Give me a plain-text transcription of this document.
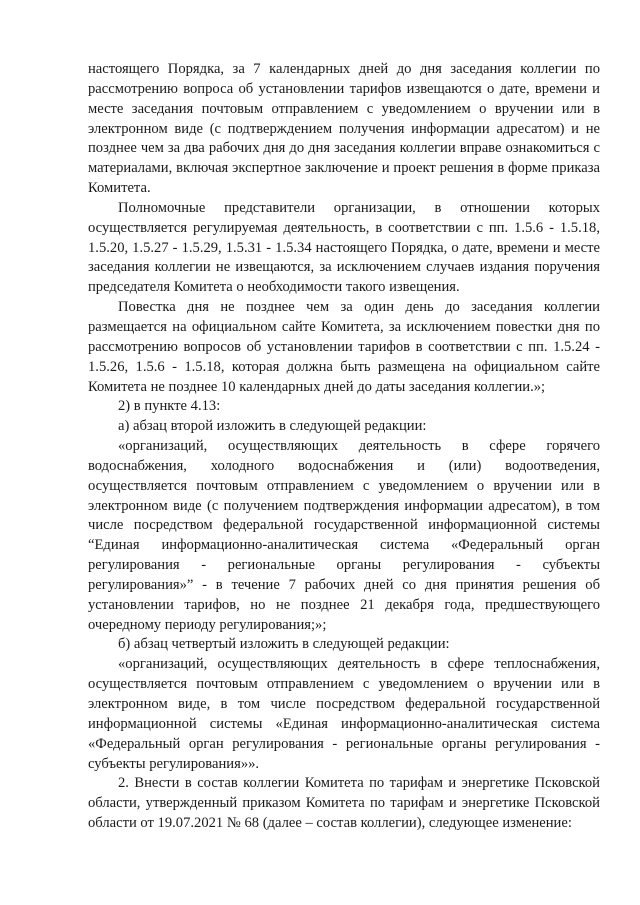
настоящего Порядка, за 7 календарных дней до дня заседания коллегии по рассмотрению вопроса об установлении тарифов извещаются о дате, времени и месте заседания почтовым отправлением с уведомлением о вручении или в электронном виде (с подтверждением получения информации адресатом) и не позднее чем за два рабочих дня до дня заседания коллегии вправе ознакомиться с материалами, включая экспертное заключение и проект решения в форме приказа Комитета.

Полномочные представители организации, в отношении которых осуществляется регулируемая деятельность, в соответствии с пп. 1.5.6 - 1.5.18, 1.5.20, 1.5.27 - 1.5.29, 1.5.31 - 1.5.34 настоящего Порядка, о дате, времени и месте заседания коллегии не извещаются, за исключением случаев издания поручения председателя Комитета о необходимости такого извещения.

Повестка дня не позднее чем за один день до заседания коллегии размещается на официальном сайте Комитета, за исключением повестки дня по рассмотрению вопросов об установлении тарифов в соответствии с пп. 1.5.24 - 1.5.26, 1.5.6 - 1.5.18, которая должна быть размещена на официальном сайте Комитета не позднее 10 календарных дней до даты заседания коллегии.»;

2) в пункте 4.13:

а) абзац второй изложить в следующей редакции:

«организаций, осуществляющих деятельность в сфере горячего водоснабжения, холодного водоснабжения и (или) водоотведения, осуществляется почтовым отправлением с уведомлением о вручении или в электронном виде (с получением подтверждения информации адресатом), в том числе посредством федеральной государственной информационной системы “Единая информационно-аналитическая система «Федеральный орган регулирования - региональные органы регулирования - субъекты регулирования»” - в течение 7 рабочих дней со дня принятия решения об установлении тарифов, но не позднее 21 декабря года, предшествующего очередному периоду регулирования;»;

б) абзац четвертый изложить в следующей редакции:

«организаций, осуществляющих деятельность в сфере теплоснабжения, осуществляется почтовым отправлением с уведомлением о вручении или в электронном виде, в том числе посредством федеральной государственной информационной системы «Единая информационно-аналитическая система «Федеральный орган регулирования - региональные органы регулирования - субъекты регулирования»».

2. Внести в состав коллегии Комитета по тарифам и энергетике Псковской области, утвержденный приказом Комитета по тарифам и энергетике Псковской области от 19.07.2021 № 68 (далее – состав коллегии), следующее изменение:
